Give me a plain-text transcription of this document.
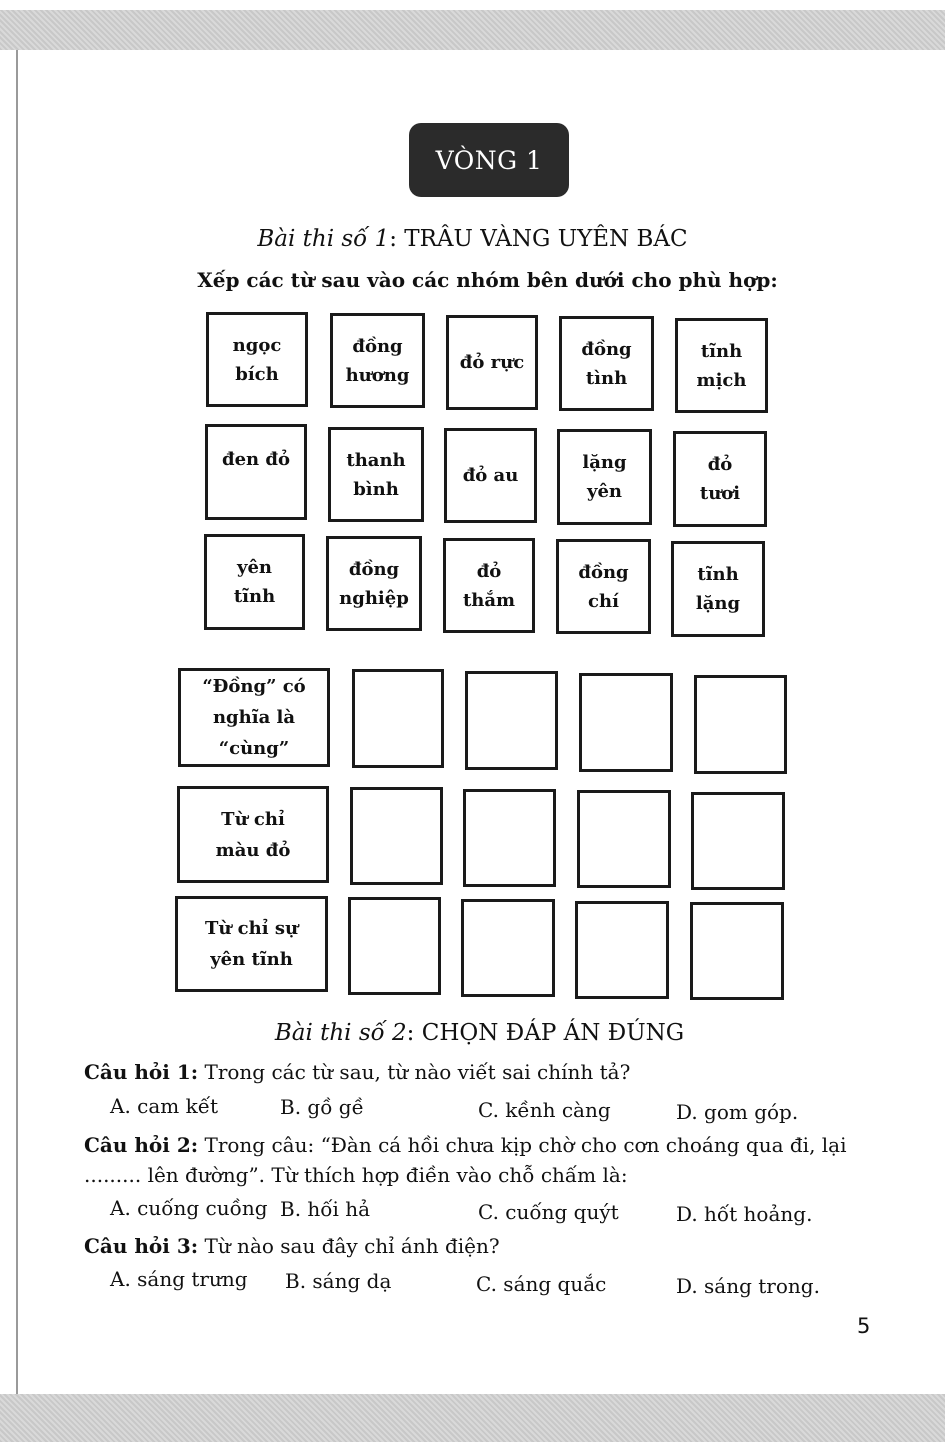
VÒNG 1
Bài thi số 1: TRÂU VÀNG UYÊN BÁC
Xếp các từ sau vào các nhóm bên dưới cho phù hợp:
ngọc
bích
đồng
hương
đỏ rực
đồng
tình
tĩnh
mịch
đen đỏ	thanh
bình
đỏ au
lặng
yên
đỏ
tươi
yên
tĩnh
đồng
nghiệp
đỏ
thắm
đồng
chí
tĩnh
lặng
“Đồng” có
nghĩa là
“cùng”
Từ chỉ
màu đỏ
Từ chỉ sự
yên tĩnh
Bài thi số 2: CHỌN ĐÁP ÁN ĐÚNG
Câu hỏi 1: Trong các từ sau, từ nào viết sai chính tả?
A. cam kết	B. gồ gề	C. kềnh càng	D. gom góp.
Câu hỏi 2: Trong câu: “Đàn cá hồi chưa kịp chờ cho cơn choáng qua đi, lại
......... lên đường”. Từ thích hợp điền vào chỗ chấm là:
A. cuống cuồng B. hối hả	C. cuống quýt	D. hốt hoảng.
Câu hỏi 3: Từ nào sau đây chỉ ánh điện?
A. sáng trưng B. sáng dạ	C. sáng quắc	D. sáng trong.
5
